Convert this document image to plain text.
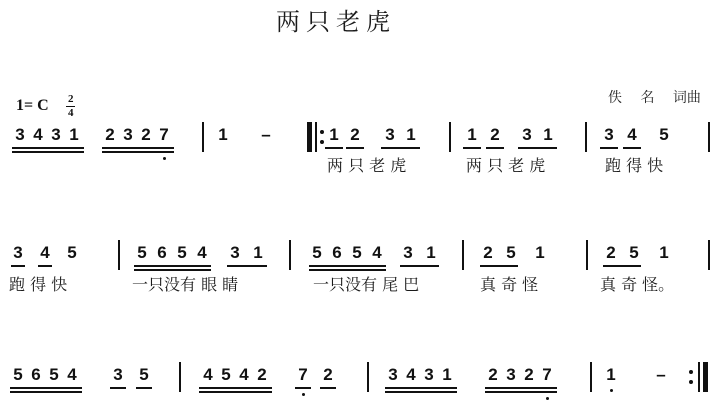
两只老虎
1= C 2
4
佚 名 词曲
3 4 3 1 2 3 2 7	1 –	1 2 3 1	1 2 3 1	3 4 5
两 只 老 虎	两 只 老 虎	跑 得 快
3 4 5	5 6 5 4 3 1	5 6 5 4 3 1	2 5 1	2 5 1
跑 得 快	一只没有 眼 睛	一只没有 尾 巴	真 奇 怪	真 奇 怪。
5 6 5 4 3 5	4 5 4 2 7 2	3 4 3 1 2 3 2 7	1 –
